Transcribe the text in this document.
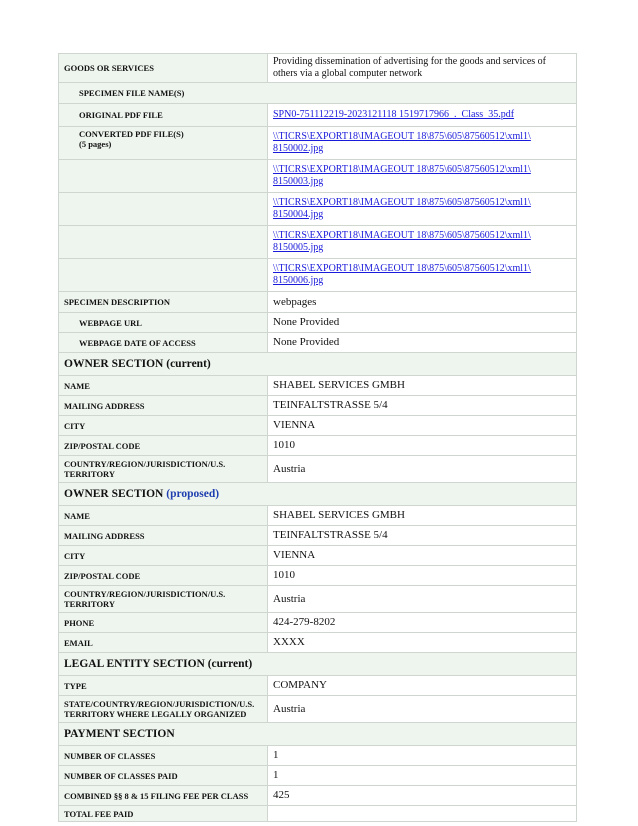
GOODS OR SERVICES	Providing dissemination of advertising for the goods and services of others via a global computer network
SPECIMEN FILE NAME(S)	
ORIGINAL PDF FILE	SPN0-751112219-2023121118 1519717966_._Class_35.pdf
CONVERTED PDF FILE(S)
(5 pages)	\\TICRS\EXPORT18\IMAGEOUT 18\875\605\87560512\xml1\ 8150002.jpg
	\\TICRS\EXPORT18\IMAGEOUT 18\875\605\87560512\xml1\ 8150003.jpg
	\\TICRS\EXPORT18\IMAGEOUT 18\875\605\87560512\xml1\ 8150004.jpg
	\\TICRS\EXPORT18\IMAGEOUT 18\875\605\87560512\xml1\ 8150005.jpg
	\\TICRS\EXPORT18\IMAGEOUT 18\875\605\87560512\xml1\ 8150006.jpg
SPECIMEN DESCRIPTION	webpages
WEBPAGE URL	None Provided
WEBPAGE DATE OF ACCESS	None Provided
OWNER SECTION (current)	
NAME	SHABEL SERVICES GMBH
MAILING ADDRESS	TEINFALTSTRASSE 5/4
CITY	VIENNA
ZIP/POSTAL CODE	1010
COUNTRY/REGION/JURISDICTION/U.S. TERRITORY	Austria
OWNER SECTION (proposed)	
NAME	SHABEL SERVICES GMBH
MAILING ADDRESS	TEINFALTSTRASSE 5/4
CITY	VIENNA
ZIP/POSTAL CODE	1010
COUNTRY/REGION/JURISDICTION/U.S. TERRITORY	Austria
PHONE	424-279-8202
EMAIL	XXXX
LEGAL ENTITY SECTION (current)	
TYPE	COMPANY
STATE/COUNTRY/REGION/JURISDICTION/U.S. TERRITORY WHERE LEGALLY ORGANIZED	Austria
PAYMENT SECTION	
NUMBER OF CLASSES	1
NUMBER OF CLASSES PAID	1
COMBINED §§ 8 & 15 FILING FEE PER CLASS	425
TOTAL FEE PAID	
